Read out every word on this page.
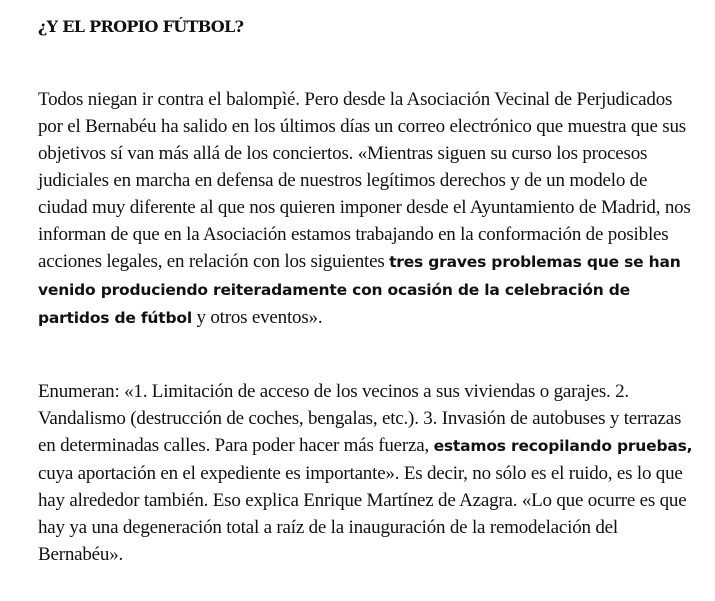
¿Y EL PROPIO FÚTBOL?

Todos niegan ir contra el balompìé. Pero desde la Asociación Vecinal de Perjudicados por el Bernabéu ha salido en los últimos días un correo electrónico que muestra que sus objetivos sí van más allá de los conciertos. «Mientras siguen su curso los procesos judiciales en marcha en defensa de nuestros legítimos derechos y de un modelo de ciudad muy diferente al que nos quieren imponer desde el Ayuntamiento de Madrid, nos informan de que en la Asociación estamos trabajando en la conformación de posibles acciones legales, en relación con los siguientes tres graves problemas que se han venido produciendo reiteradamente con ocasión de la celebración de partidos de fútbol y otros eventos».

Enumeran: «1. Limitación de acceso de los vecinos a sus viviendas o garajes. 2. Vandalismo (destrucción de coches, bengalas, etc.). 3. Invasión de autobuses y terrazas en determinadas calles. Para poder hacer más fuerza, estamos recopilando pruebas, cuya aportación en el expediente es importante». Es decir, no sólo es el ruido, es lo que hay alrededor también. Eso explica Enrique Martínez de Azagra. «Lo que ocurre es que hay ya una degeneración total a raíz de la inauguración de la remodelación del Bernabéu».
